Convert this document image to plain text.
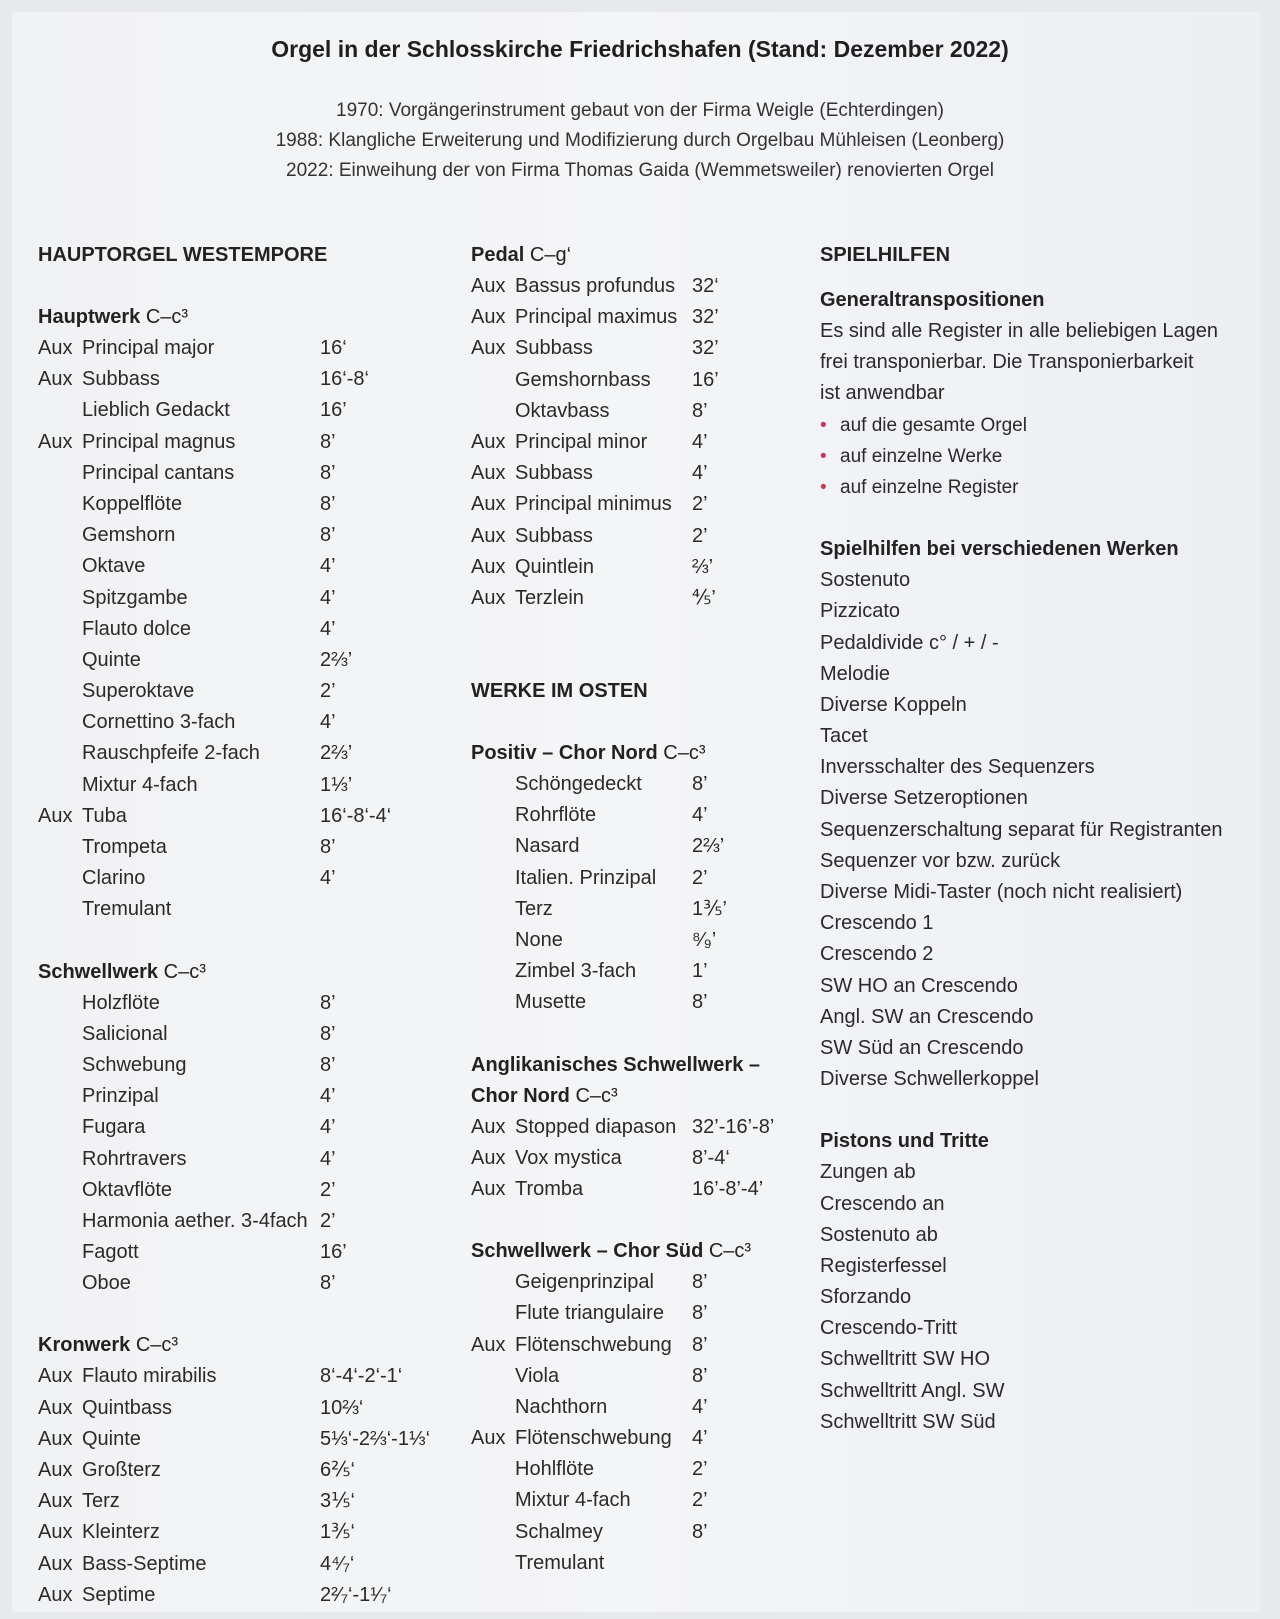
Orgel in der Schlosskirche Friedrichshafen (Stand: Dezember 2022)
1970: Vorgängerinstrument gebaut von der Firma Weigle (Echterdingen)
1988: Klangliche Erweiterung und Modifizierung durch Orgelbau Mühleisen (Leonberg)
2022: Einweihung der von Firma Thomas Gaida (Wemmetsweiler) renovierten Orgel
HAUPTORGEL WESTEMPORE
Hauptwerk C–c³
Aux Principal major	16‘
Aux Subbass	16‘-8‘
Lieblich Gedackt	16’
Aux Principal magnus	8’
Principal cantans	8’
Koppelflöte	8’
Gemshorn	8’
Oktave	4’
Spitzgambe	4’
Flauto dolce	4’
Quinte	2⅔’
Superoktave	2’
Cornettino 3-fach	4’
Rauschpfeife 2-fach	2⅔’
Mixtur 4-fach	1⅓’
Aux Tuba	16‘-8‘-4‘
Trompeta	8’
Clarino	4’
Tremulant
Schwellwerk C–c³
Holzflöte	8’
Salicional	8’
Schwebung	8’
Prinzipal	4’
Fugara	4’
Rohrtravers	4’
Oktavflöte	2’
Harmonia aether. 3-4fach 2’
Fagott	16’
Oboe	8’
Kronwerk C–c³
Aux Flauto mirabilis	8‘-4‘-2‘-1‘
Aux Quintbass	10⅔‘
Aux Quinte	5⅓‘-2⅔‘-1⅓‘
Aux Großterz	6⅖‘
Aux Terz	3⅕‘
Aux Kleinterz	1⅗‘
Aux Bass-Septime	4⁴⁄₇‘
Aux Septime	2²⁄₇‘-1¹⁄₇‘
Pedal C–g‘
Aux Bassus profundus 32‘
Aux Principal maximus 32’
Aux Subbass	32’
Gemshornbass 16’
Oktavbass	8’
Aux Principal minor 4’
Aux Subbass	4’
Aux Principal minimus 2’
Aux Subbass	2’
Aux Quintlein	⅔’
Aux Terzlein	⅘’
WERKE IM OSTEN
Positiv – Chor Nord C–c³
Schöngedeckt	8’
Rohrflöte	4’
Nasard	2⅔’
Italien. Prinzipal 2’
Terz	1⅗’
None	⁸⁄₉’
Zimbel 3-fach	1’
Musette	8’
Anglikanisches Schwellwerk –
Chor Nord C–c³
Aux Stopped diapason 32’-16’-8’
Aux Vox mystica	8’-4‘
Aux Tromba	16’-8’-4’
Schwellwerk – Chor Süd C–c³
Geigenprinzipal 8’
Flute triangulaire 8’
Aux Flötenschwebung 8’
Viola	8’
Nachthorn	4’
Aux Flötenschwebung 4’
Hohlflöte	2’
Mixtur 4-fach	2’
Schalmey	8’
Tremulant
SPIELHILFEN
Generaltranspositionen
Es sind alle Register in alle beliebigen Lagen
frei transponierbar. Die Transponierbarkeit
ist anwendbar
• auf die gesamte Orgel
• auf einzelne Werke
• auf einzelne Register
Spielhilfen bei verschiedenen Werken
Sostenuto
Pizzicato
Pedaldivide c° / + / -
Melodie
Diverse Koppeln
Tacet
Inversschalter des Sequenzers
Diverse Setzeroptionen
Sequenzerschaltung separat für Registranten
Sequenzer vor bzw. zurück
Diverse Midi-Taster (noch nicht realisiert)
Crescendo 1
Crescendo 2
SW HO an Crescendo
Angl. SW an Crescendo
SW Süd an Crescendo
Diverse Schwellerkoppel
Pistons und Tritte
Zungen ab
Crescendo an
Sostenuto ab
Registerfessel
Sforzando
Crescendo-Tritt
Schwelltritt SW HO
Schwelltritt Angl. SW
Schwelltritt SW Süd
